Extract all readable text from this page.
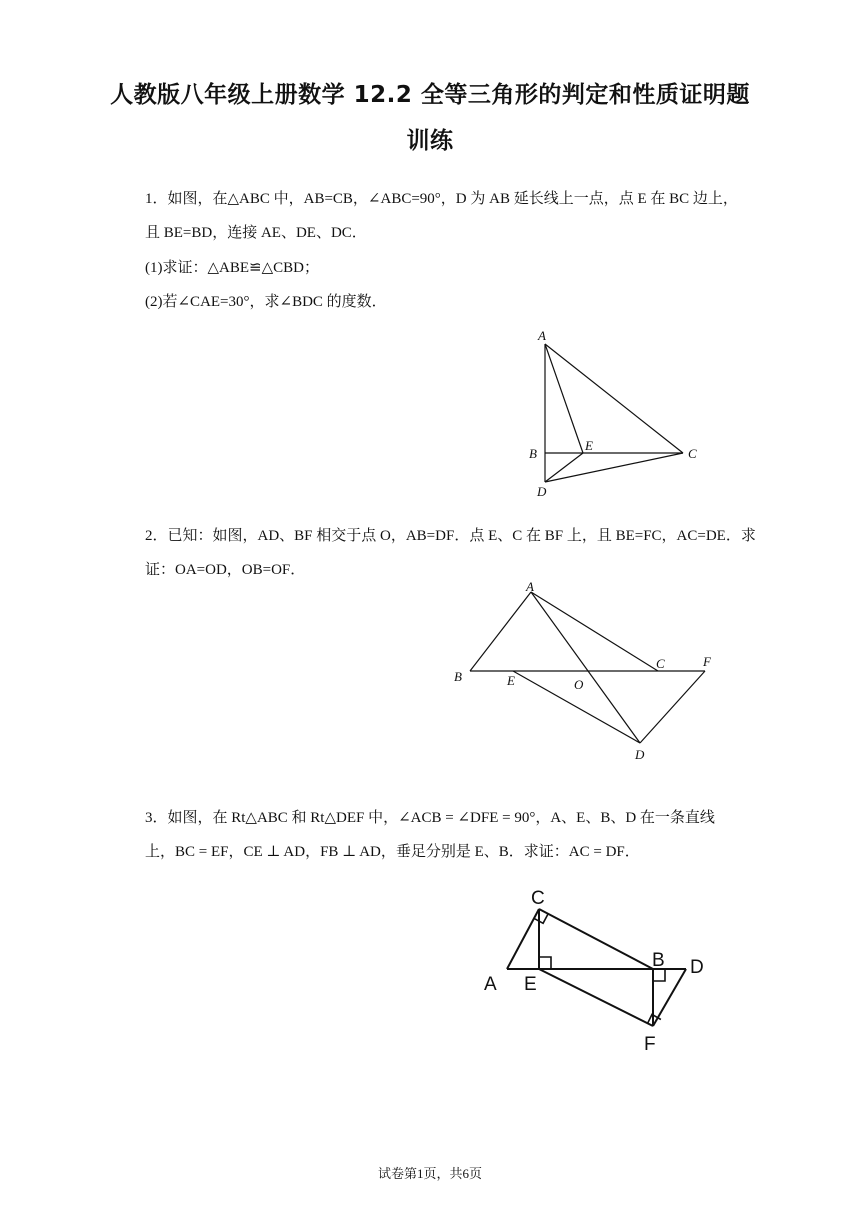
人教版八年级上册数学 12.2 全等三角形的判定和性质证明题
训练
1．如图，在△ABC 中，AB=CB，∠ABC=90°，D 为 AB 延长线上一点，点 E 在 BC 边上，
且 BE=BD，连接 AE、DE、DC．
(1)求证：△ABE≌△CBD；
(2)若∠CAE=30°，求∠BDC 的度数．
A
B
E
C
D
2．已知：如图，AD、BF 相交于点 O，AB=DF．点 E、C 在 BF 上，且 BE=FC，AC=DE．求
证：OA=OD，OB=OF．
A
B	E	O
C	F
D
3．如图，在 Rt△ABC 和 Rt△DEF 中，∠ACB = ∠DFE = 90°，A、E、B、D 在一条直线
上，BC = EF，CE ⊥ AD，FB ⊥ AD，垂足分别是 E、B．求证：AC = DF．
C
A E
B D
F
试卷第1页，共6页
